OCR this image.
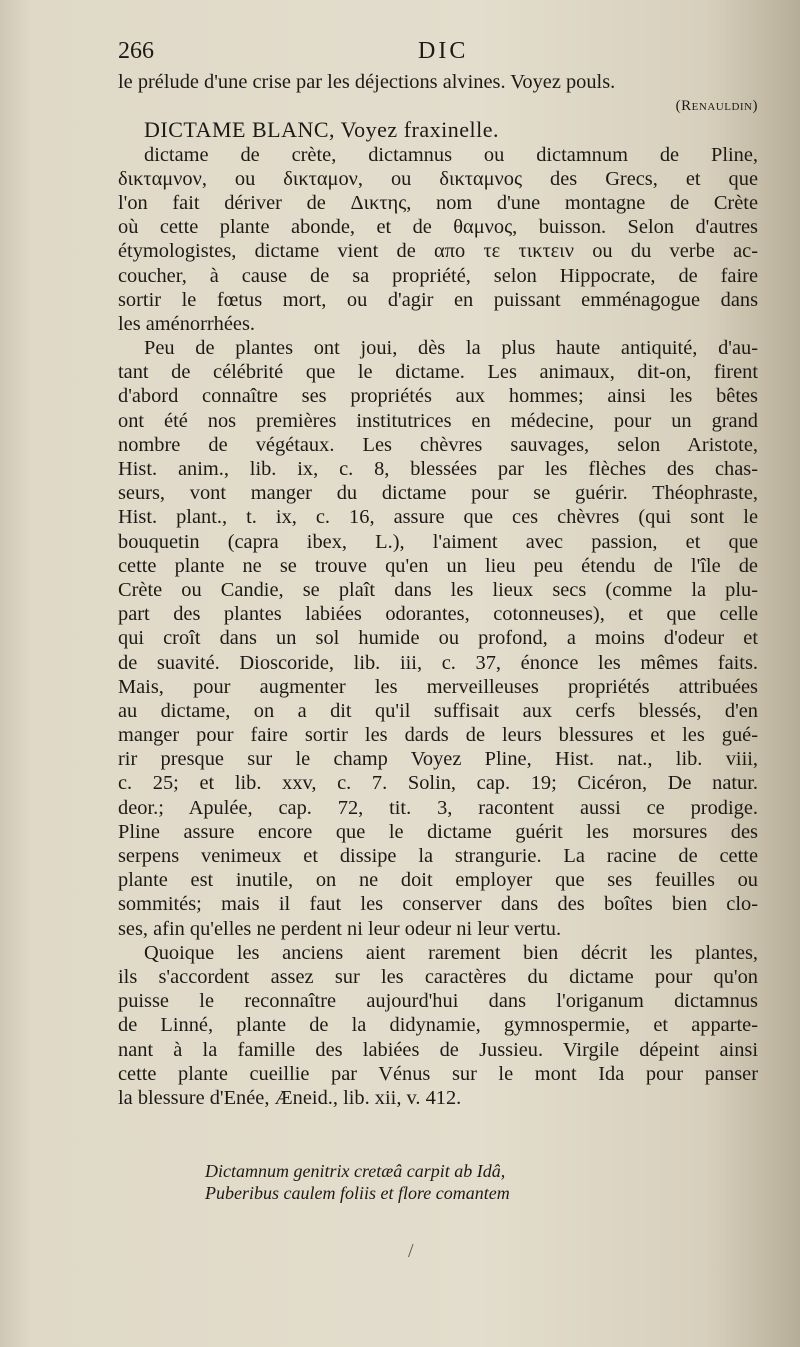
266	DIC
le prélude d'une crise par les déjections alvines. Voyez pouls.
(Renauldin)
DICTAME BLANC, Voyez fraxinelle.
dictame de crète, dictamnus ou dictamnum de Pline,
δικταμνον, ou δικταμον, ou δικταμνος des Grecs, et que
l'on fait dériver de Δικτης, nom d'une montagne de Crète
où cette plante abonde, et de θαμνος, buisson. Selon d'autres
étymologistes, dictame vient de απο τε τικτειν ou du verbe ac-
coucher, à cause de sa propriété, selon Hippocrate, de faire
sortir le fœtus mort, ou d'agir en puissant emménagogue dans
les aménorrhées.
Peu de plantes ont joui, dès la plus haute antiquité, d'au-
tant de célébrité que le dictame. Les animaux, dit-on, firent
d'abord connaître ses propriétés aux hommes; ainsi les bêtes
ont été nos premières institutrices en médecine, pour un grand
nombre de végétaux. Les chèvres sauvages, selon Aristote,
Hist. anim., lib. ix, c. 8, blessées par les flèches des chas-
seurs, vont manger du dictame pour se guérir. Théophraste,
Hist. plant., t. ix, c. 16, assure que ces chèvres (qui sont le
bouquetin (capra ibex, L.), l'aiment avec passion, et que
cette plante ne se trouve qu'en un lieu peu étendu de l'île de
Crète ou Candie, se plaît dans les lieux secs (comme la plu-
part des plantes labiées odorantes, cotonneuses), et que celle
qui croît dans un sol humide ou profond, a moins d'odeur et
de suavité. Dioscoride, lib. iii, c. 37, énonce les mêmes faits.
Mais, pour augmenter les merveilleuses propriétés attribuées
au dictame, on a dit qu'il suffisait aux cerfs blessés, d'en
manger pour faire sortir les dards de leurs blessures et les gué-
rir presque sur le champ Voyez Pline, Hist. nat., lib. viii,
c. 25; et lib. xxv, c. 7. Solin, cap. 19; Cicéron, De natur.
deor.; Apulée, cap. 72, tit. 3, racontent aussi ce prodige.
Pline assure encore que le dictame guérit les morsures des
serpens venimeux et dissipe la strangurie. La racine de cette
plante est inutile, on ne doit employer que ses feuilles ou
sommités; mais il faut les conserver dans des boîtes bien clo-
ses, afin qu'elles ne perdent ni leur odeur ni leur vertu.
Quoique les anciens aient rarement bien décrit les plantes,
ils s'accordent assez sur les caractères du dictame pour qu'on
puisse le reconnaître aujourd'hui dans l'origanum dictamnus
de Linné, plante de la didynamie, gymnospermie, et apparte-
nant à la famille des labiées de Jussieu. Virgile dépeint ainsi
cette plante cueillie par Vénus sur le mont Ida pour panser
la blessure d'Enée, Æneid., lib. xii, v. 412.
Dictamnum genitrix cretæâ carpit ab Idâ,
Puberibus caulem foliis et flore comantem
/
